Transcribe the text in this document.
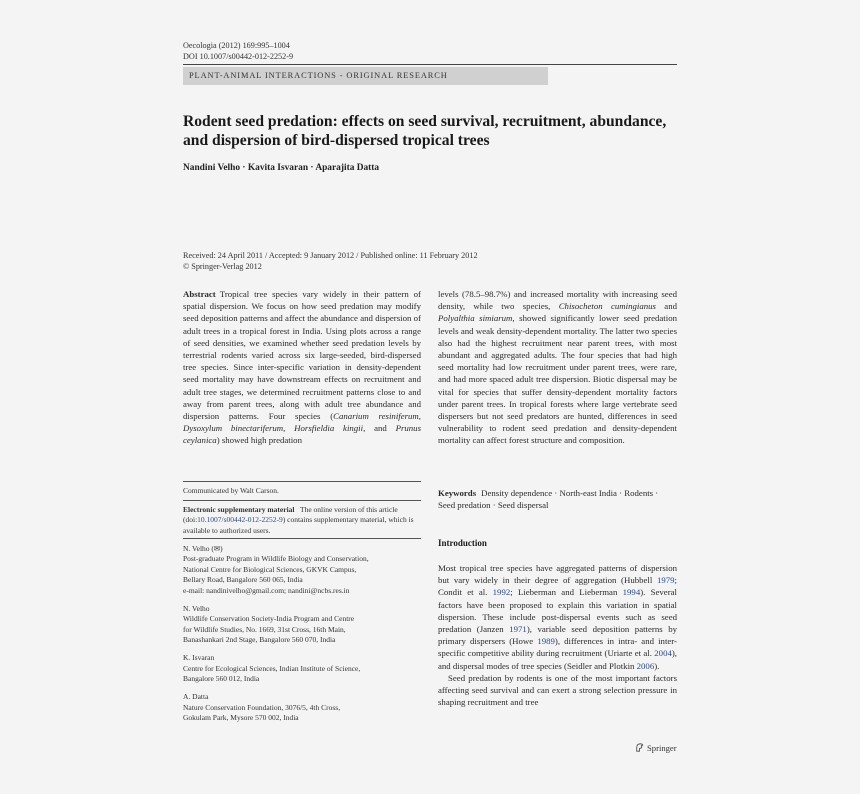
Oecologia (2012) 169:995–1004
DOI 10.1007/s00442-012-2252-9
PLANT-ANIMAL INTERACTIONS - ORIGINAL RESEARCH
Rodent seed predation: effects on seed survival, recruitment, abundance, and dispersion of bird-dispersed tropical trees
Nandini Velho · Kavita Isvaran · Aparajita Datta
Received: 24 April 2011 / Accepted: 9 January 2012 / Published online: 11 February 2012
© Springer-Verlag 2012

Abstract Tropical tree species vary widely in their pattern of spatial dispersion. We focus on how seed predation may modify seed deposition patterns and affect the abundance and dispersion of adult trees in a tropical forest in India. Using plots across a range of seed densities, we examined whether seed predation levels by terrestrial rodents varied across six large-seeded, bird-dispersed tree species. Since inter-specific variation in density-dependent seed mortality may have downstream effects on recruitment and adult tree stages, we determined recruitment patterns close to and away from parent trees, along with adult tree abundance and dispersion patterns. Four species (Canarium resiniferum, Dysoxylum binectariferum, Horsfieldia kingii, and Prunus ceylanica) showed high predation

levels (78.5–98.7%) and increased mortality with increasing seed density, while two species, Chisocheton cumingianus and Polyalthia simiarum, showed significantly lower seed predation levels and weak density-dependent mortality. The latter two species also had the highest recruitment near parent trees, with most abundant and aggregated adults. The four species that had high seed mortality had low recruitment under parent trees, were rare, and had more spaced adult tree dispersion. Biotic dispersal may be vital for species that suffer density-dependent mortality factors under parent trees. In tropical forests where large vertebrate seed dispersers but not seed predators are hunted, differences in seed vulnerability to rodent seed predation and density-dependent mortality can affect forest structure and composition.

Communicated by Walt Carson.

Electronic supplementary material The online version of this article (doi:10.1007/s00442-012-2252-9) contains supplementary material, which is available to authorized users.

N. Velho (✉)
Post-graduate Program in Wildlife Biology and Conservation,
National Centre for Biological Sciences, GKVK Campus,
Bellary Road, Bangalore 560 065, India
e-mail: nandinivelho@gmail.com; nandini@ncbs.res.in
N. Velho
Wildlife Conservation Society-India Program and Centre
for Wildlife Studies, No. 1669, 31st Cross, 16th Main,
Banashankari 2nd Stage, Bangalore 560 070, India
K. Isvaran
Centre for Ecological Sciences, Indian Institute of Science,
Bangalore 560 012, India
A. Datta
Nature Conservation Foundation, 3076/5, 4th Cross,
Gokulam Park, Mysore 570 002, India
Keywords Density dependence · North-east India · Rodents · Seed predation · Seed dispersal
Introduction

Most tropical tree species have aggregated patterns of dispersion but vary widely in their degree of aggregation (Hubbell 1979; Condit et al. 1992; Lieberman and Lieberman 1994). Several factors have been proposed to explain this variation in spatial dispersion. These include post-dispersal events such as seed predation (Janzen 1971), variable seed deposition patterns by primary dispersers (Howe 1989), differences in intra- and inter-specific competitive ability during recruitment (Uriarte et al. 2004), and dispersal modes of tree species (Seidler and Plotkin 2006).

Seed predation by rodents is one of the most important factors affecting seed survival and can exert a strong selection pressure in shaping recruitment and tree

Springer
